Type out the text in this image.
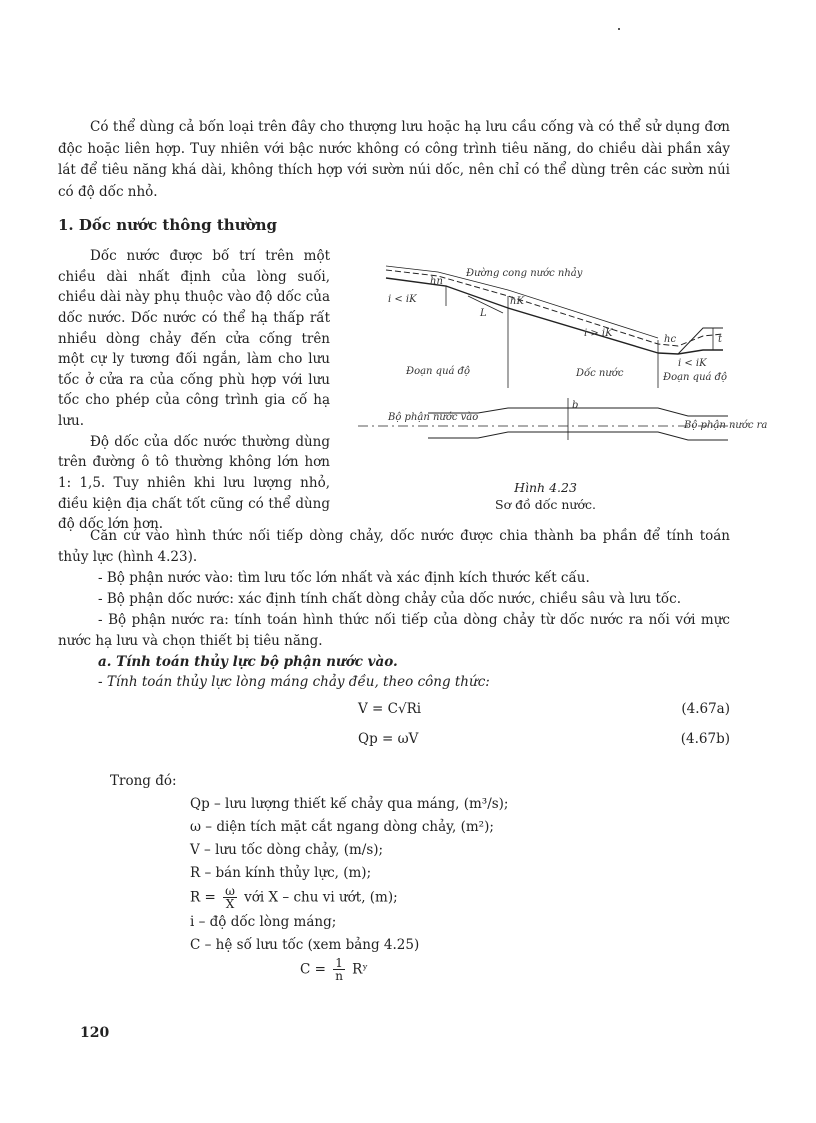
Có thể dùng cả bốn loại trên đây cho thượng lưu hoặc hạ lưu cầu cống và có thể sử dụng đơn độc hoặc liên hợp. Tuy nhiên với bậc nước không có công trình tiêu năng, do chiều dài phần xây lát để tiêu năng khá dài, không thích hợp với sườn núi dốc, nên chỉ có thể dùng trên các sườn núi có độ dốc nhỏ.

1. Dốc nước thông thường

Dốc nước được bố trí trên một chiều dài nhất định của lòng suối, chiều dài này phụ thuộc vào độ dốc của dốc nước. Dốc nước có thể hạ thấp rất nhiều dòng chảy đến cửa cống trên một cự ly tương đối ngắn, làm cho lưu tốc ở cửa ra của cống phù hợp với lưu tốc cho phép của công trình gia cố hạ lưu.

Độ dốc của dốc nước thường dùng trên đường ô tô thường không lớn hơn 1: 1,5. Tuy nhiên khi lưu lượng nhỏ, điều kiện địa chất tốt cũng có thể dùng độ dốc lớn hơn.

Đường cong nước nhảy
hn
i < iK	hK
L
i > iK
hc	t
i < iK
Đoạn quá độ	Dốc nước	Đoạn quá độ
b
Bộ phận nước vào
Bộ phận nước ra
Hình 4.23
Sơ đồ dốc nước.

Căn cứ vào hình thức nối tiếp dòng chảy, dốc nước được chia thành ba phần để tính toán thủy lực (hình 4.23).

- Bộ phận nước vào: tìm lưu tốc lớn nhất và xác định kích thước kết cấu.

- Bộ phận dốc nước: xác định tính chất dòng chảy của dốc nước, chiều sâu và lưu tốc.

- Bộ phận nước ra: tính toán hình thức nối tiếp của dòng chảy từ dốc nước ra nối với mực nước hạ lưu và chọn thiết bị tiêu năng.

a. Tính toán thủy lực bộ phận nước vào.

- Tính toán thủy lực lòng máng chảy đều, theo công thức:

V = C√Ri	(4.67a)
Qp = ωV	(4.67b)
Trong đó:
Qp – lưu lượng thiết kế chảy qua máng, (m³/s);
ω – diện tích mặt cắt ngang dòng chảy, (m²);
V – lưu tốc dòng chảy, (m/s);
R – bán kính thủy lực, (m);
$R = \frac{\omega}{X}$ với X – chu vi ướt, (m);
i – độ dốc lòng máng;
C – hệ số lưu tốc (xem bảng 4.25)
$C = \frac{1}{n}$ Rʸ
120
